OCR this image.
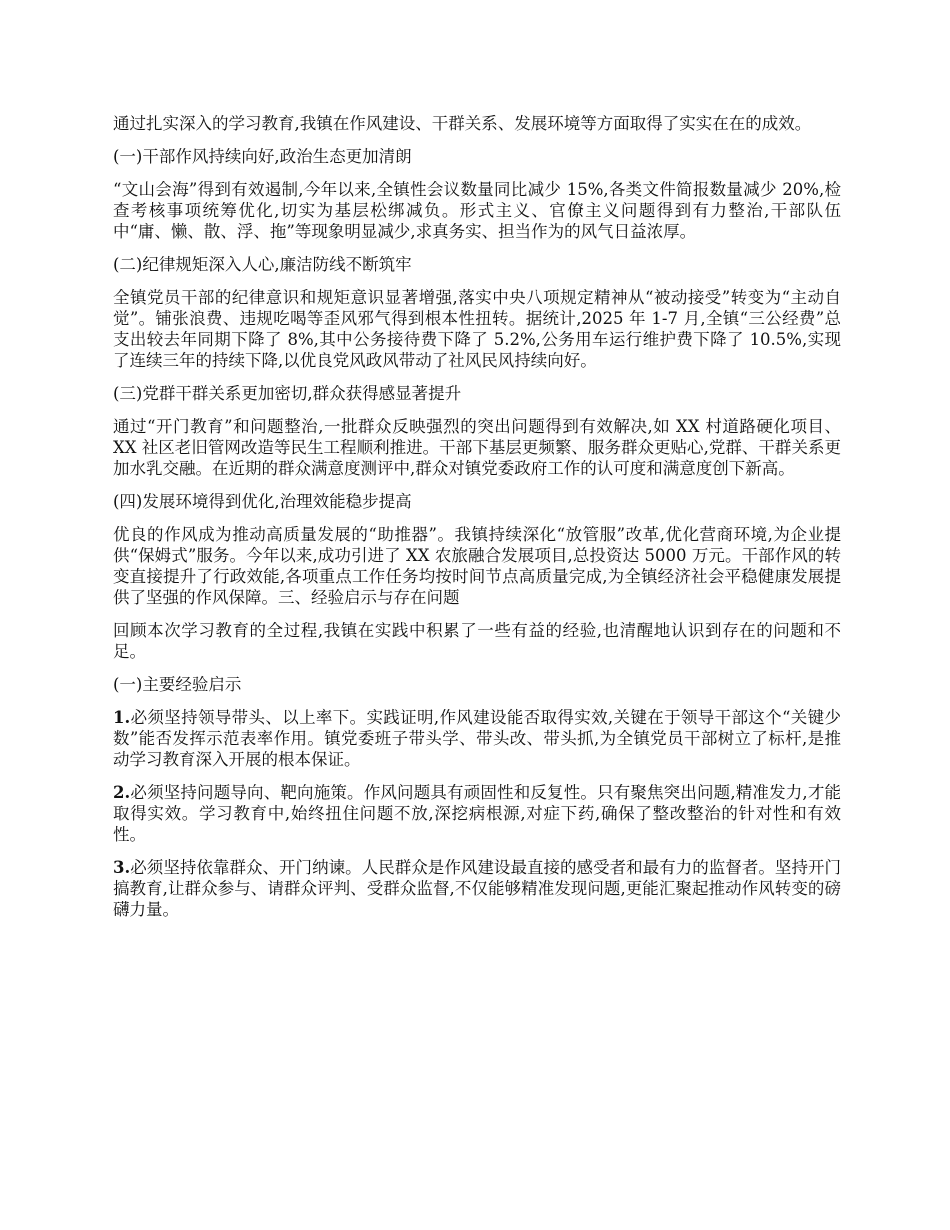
通过扎实深入的学习教育,我镇在作风建设、干群关系、发展环境等方面取得了实实在在的成效。

(一)干部作风持续向好,政治生态更加清朗

“文山会海”得到有效遏制,今年以来,全镇性会议数量同比减少 15%,各类文件简报数量减少 20%,检查考核事项统筹优化,切实为基层松绑减负。形式主义、官僚主义问题得到有力整治,干部队伍中“庸、懒、散、浮、拖”等现象明显减少,求真务实、担当作为的风气日益浓厚。

(二)纪律规矩深入人心,廉洁防线不断筑牢

全镇党员干部的纪律意识和规矩意识显著增强,落实中央八项规定精神从“被动接受”转变为“主动自觉”。铺张浪费、违规吃喝等歪风邪气得到根本性扭转。据统计,2025 年 1-7 月,全镇“三公经费”总支出较去年同期下降了 8%,其中公务接待费下降了 5.2%,公务用车运行维护费下降了 10.5%,实现了连续三年的持续下降,以优良党风政风带动了社风民风持续向好。

(三)党群干群关系更加密切,群众获得感显著提升

通过“开门教育”和问题整治,一批群众反映强烈的突出问题得到有效解决,如 XX 村道路硬化项目、XX 社区老旧管网改造等民生工程顺利推进。干部下基层更频繁、服务群众更贴心,党群、干群关系更加水乳交融。在近期的群众满意度测评中,群众对镇党委政府工作的认可度和满意度创下新高。

(四)发展环境得到优化,治理效能稳步提高

优良的作风成为推动高质量发展的“助推器”。我镇持续深化“放管服”改革,优化营商环境,为企业提供“保姆式”服务。今年以来,成功引进了 XX 农旅融合发展项目,总投资达 5000 万元。干部作风的转变直接提升了行政效能,各项重点工作任务均按时间节点高质量完成,为全镇经济社会平稳健康发展提供了坚强的作风保障。三、经验启示与存在问题

回顾本次学习教育的全过程,我镇在实践中积累了一些有益的经验,也清醒地认识到存在的问题和不足。

(一)主要经验启示

1.必须坚持领导带头、以上率下。实践证明,作风建设能否取得实效,关键在于领导干部这个“关键少数”能否发挥示范表率作用。镇党委班子带头学、带头改、带头抓,为全镇党员干部树立了标杆,是推动学习教育深入开展的根本保证。

2.必须坚持问题导向、靶向施策。作风问题具有顽固性和反复性。只有聚焦突出问题,精准发力,才能取得实效。学习教育中,始终扭住问题不放,深挖病根源,对症下药,确保了整改整治的针对性和有效性。

3.必须坚持依靠群众、开门纳谏。人民群众是作风建设最直接的感受者和最有力的监督者。坚持开门搞教育,让群众参与、请群众评判、受群众监督,不仅能够精准发现问题,更能汇聚起推动作风转变的磅礴力量。
